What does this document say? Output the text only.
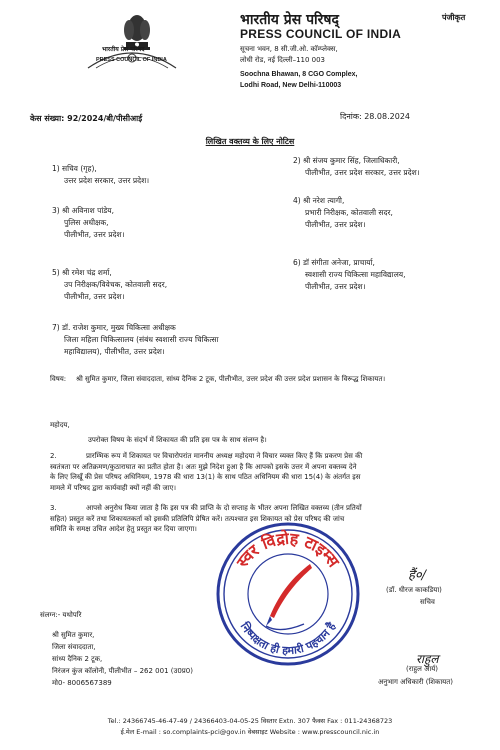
भारतीय प्रेस परिषद
PRESS COUNCIL OF INDIA
भारतीय प्रेस परिषद्
PRESS COUNCIL OF INDIA
सूचना भवन, 8 सी.जी.ओ. कॉम्प्लेक्स,
लोधी रोड, नई दिल्ली–110 003
Soochna Bhawan, 8 CGO Complex,
Lodhi Road, New Delhi-110003
पंजीकृत
केस संख्या: 92/2024/बी/पीसीआई	दिनांक: 28.08.2024
लिखित वक्तव्य के लिए नोटिस
1) सचिव (गृह),
उत्तर प्रदेश सरकार, उत्तर प्रदेश।
2) श्री संजय कुमार सिंह, जिलाधिकारी,
पीलीभीत, उत्तर प्रदेश सरकार, उत्तर प्रदेश।
3) श्री अविनाश पांडेय,
पुलिस अधीक्षक,
पीलीभीत, उत्तर प्रदेश।
4) श्री नरेश त्यागी,
प्रभारी निरीक्षक, कोतवाली सदर,
पीलीभीत, उत्तर प्रदेश।
5) श्री रमेश चंद्र शर्मा,
उप निरीक्षक/विवेचक, कोतवाली सदर,
पीलीभीत, उत्तर प्रदेश।
6) डॉ संगीता अनेजा, प्राचार्या,
स्वशासी राज्य चिकित्सा महाविद्यालय,
पीलीभीत, उत्तर प्रदेश।
7) डॉ. राजेश कुमार, मुख्य चिकित्सा अधीक्षक
जिला महिला चिकित्सालय (संबंध स्वशासी राज्य चिकित्सा
महाविद्यालय), पीलीभीत, उत्तर प्रदेश।
विषय: श्री सुमित कुमार, जिला संवाददाता, सांध्य दैनिक 2 टूक, पीलीभीत, उत्तर प्रदेश की उत्तर प्रदेश प्रशासन के विरूद्ध शिकायत।
महोदय,
उपरोक्त विषय के संदर्भ में शिकायत की प्रति इस पत्र के साथ संलग्न है।
2.	प्रारम्भिक रूप में शिकायत पर विचारोपरांत माननीय अध्यक्ष महोदया ने विचार व्यक्त किए हैं कि प्रकरण प्रेस की
स्वतंत्रता पर अतिक्रमण/कुठाराघात का प्रतीत होता है। अतः मुझे निदेश हुआ है कि आपको इसके उत्तर में अपना वक्तव्य देने
के लिए लिखूँ की प्रेस परिषद अधिनियम, 1978 की धारा 13(1) के साथ पठित अधिनियम की धारा 15(4) के अंतर्गत इस
मामले में परिषद द्वारा कार्यवाही क्यों नहीं की जाए।
3.	आपसे अनुरोध किया जाता है कि इस पत्र की प्राप्ति के दो सप्ताह के भीतर अपना लिखित वक्तव्य (तीन प्रतियों
सहित) प्रस्तुत करें तथा शिकायतकर्ता को इसकी प्रतिलिपि प्रेषित करें। तत्पश्चात इस शिकायत को प्रेस परिषद की जांच
समिति के समक्ष उचित आदेश हेतु प्रस्तुत कर दिया जाएगा।
स्वर विद्रोह टाइम्स
निष्पक्षता ही हमारी पहचान है
हैं०/
(डॉ. धीरज काकडिया)
सचिव
संलग्न:- यथोपरि
श्री सुमित कुमार,
जिला संवाददाता,
सांध्य दैनिक 2 टूक,
निरंजन कुंज कॉलोनी, पीलीभीत – 262 001 (उ0प्र0)
मो0- 8006567389
राहुल
(राहुल आर्य)
अनुभाग अधिकारी (शिकायत)
Tel.: 24366745-46-47-49 / 24366403-04-05-25 विस्तार Extn. 307 फैक्स Fax : 011-24368723
ई.मेल E-mail : so.complaints-pci@gov.in वेबसाइट Website : www.presscouncil.nic.in
